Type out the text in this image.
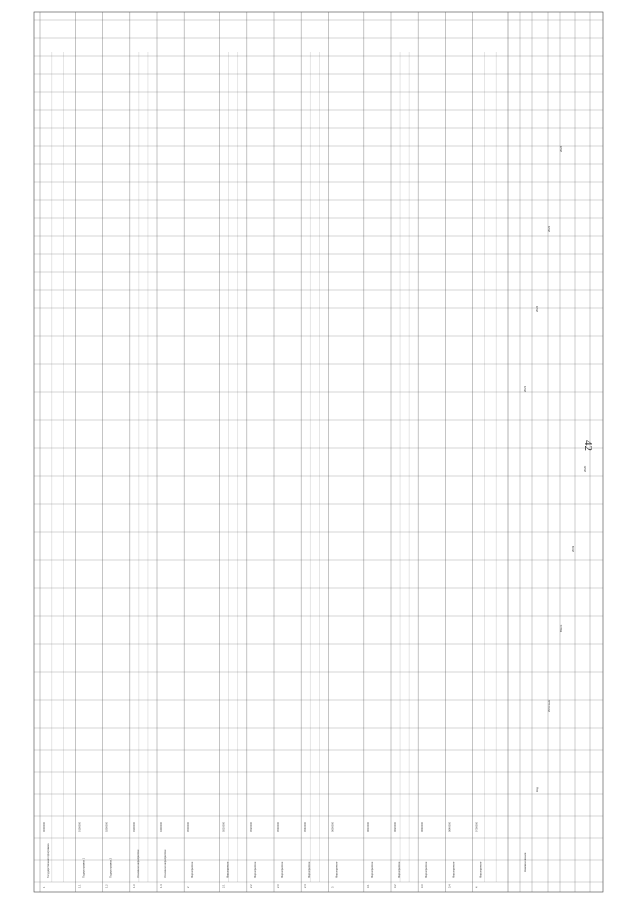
42
1
Государственная программа
0000000
1.1
Подпрограмма 1
0100000
1.2
Подпрограмма 2
0200000
1.3
Основное мероприятие
0300000
1.4
Основное мероприятие
0400000
2
Мероприятие
0500000
2.1
Мероприятие
0510000
2.2
Мероприятие
0520000
2.3
Мероприятие
0530000
2.4
Мероприятие
0540000
3
Мероприятие
0600000
3.1
Мероприятие
0610000
3.2
Мероприятие
0620000
3.3
Мероприятие
0630000
3.4
Мероприятие
0640000
4
Мероприятие
0700000
Наименование
Код
Источник
Всего
2019
2020
2021
2022
2023
2024
